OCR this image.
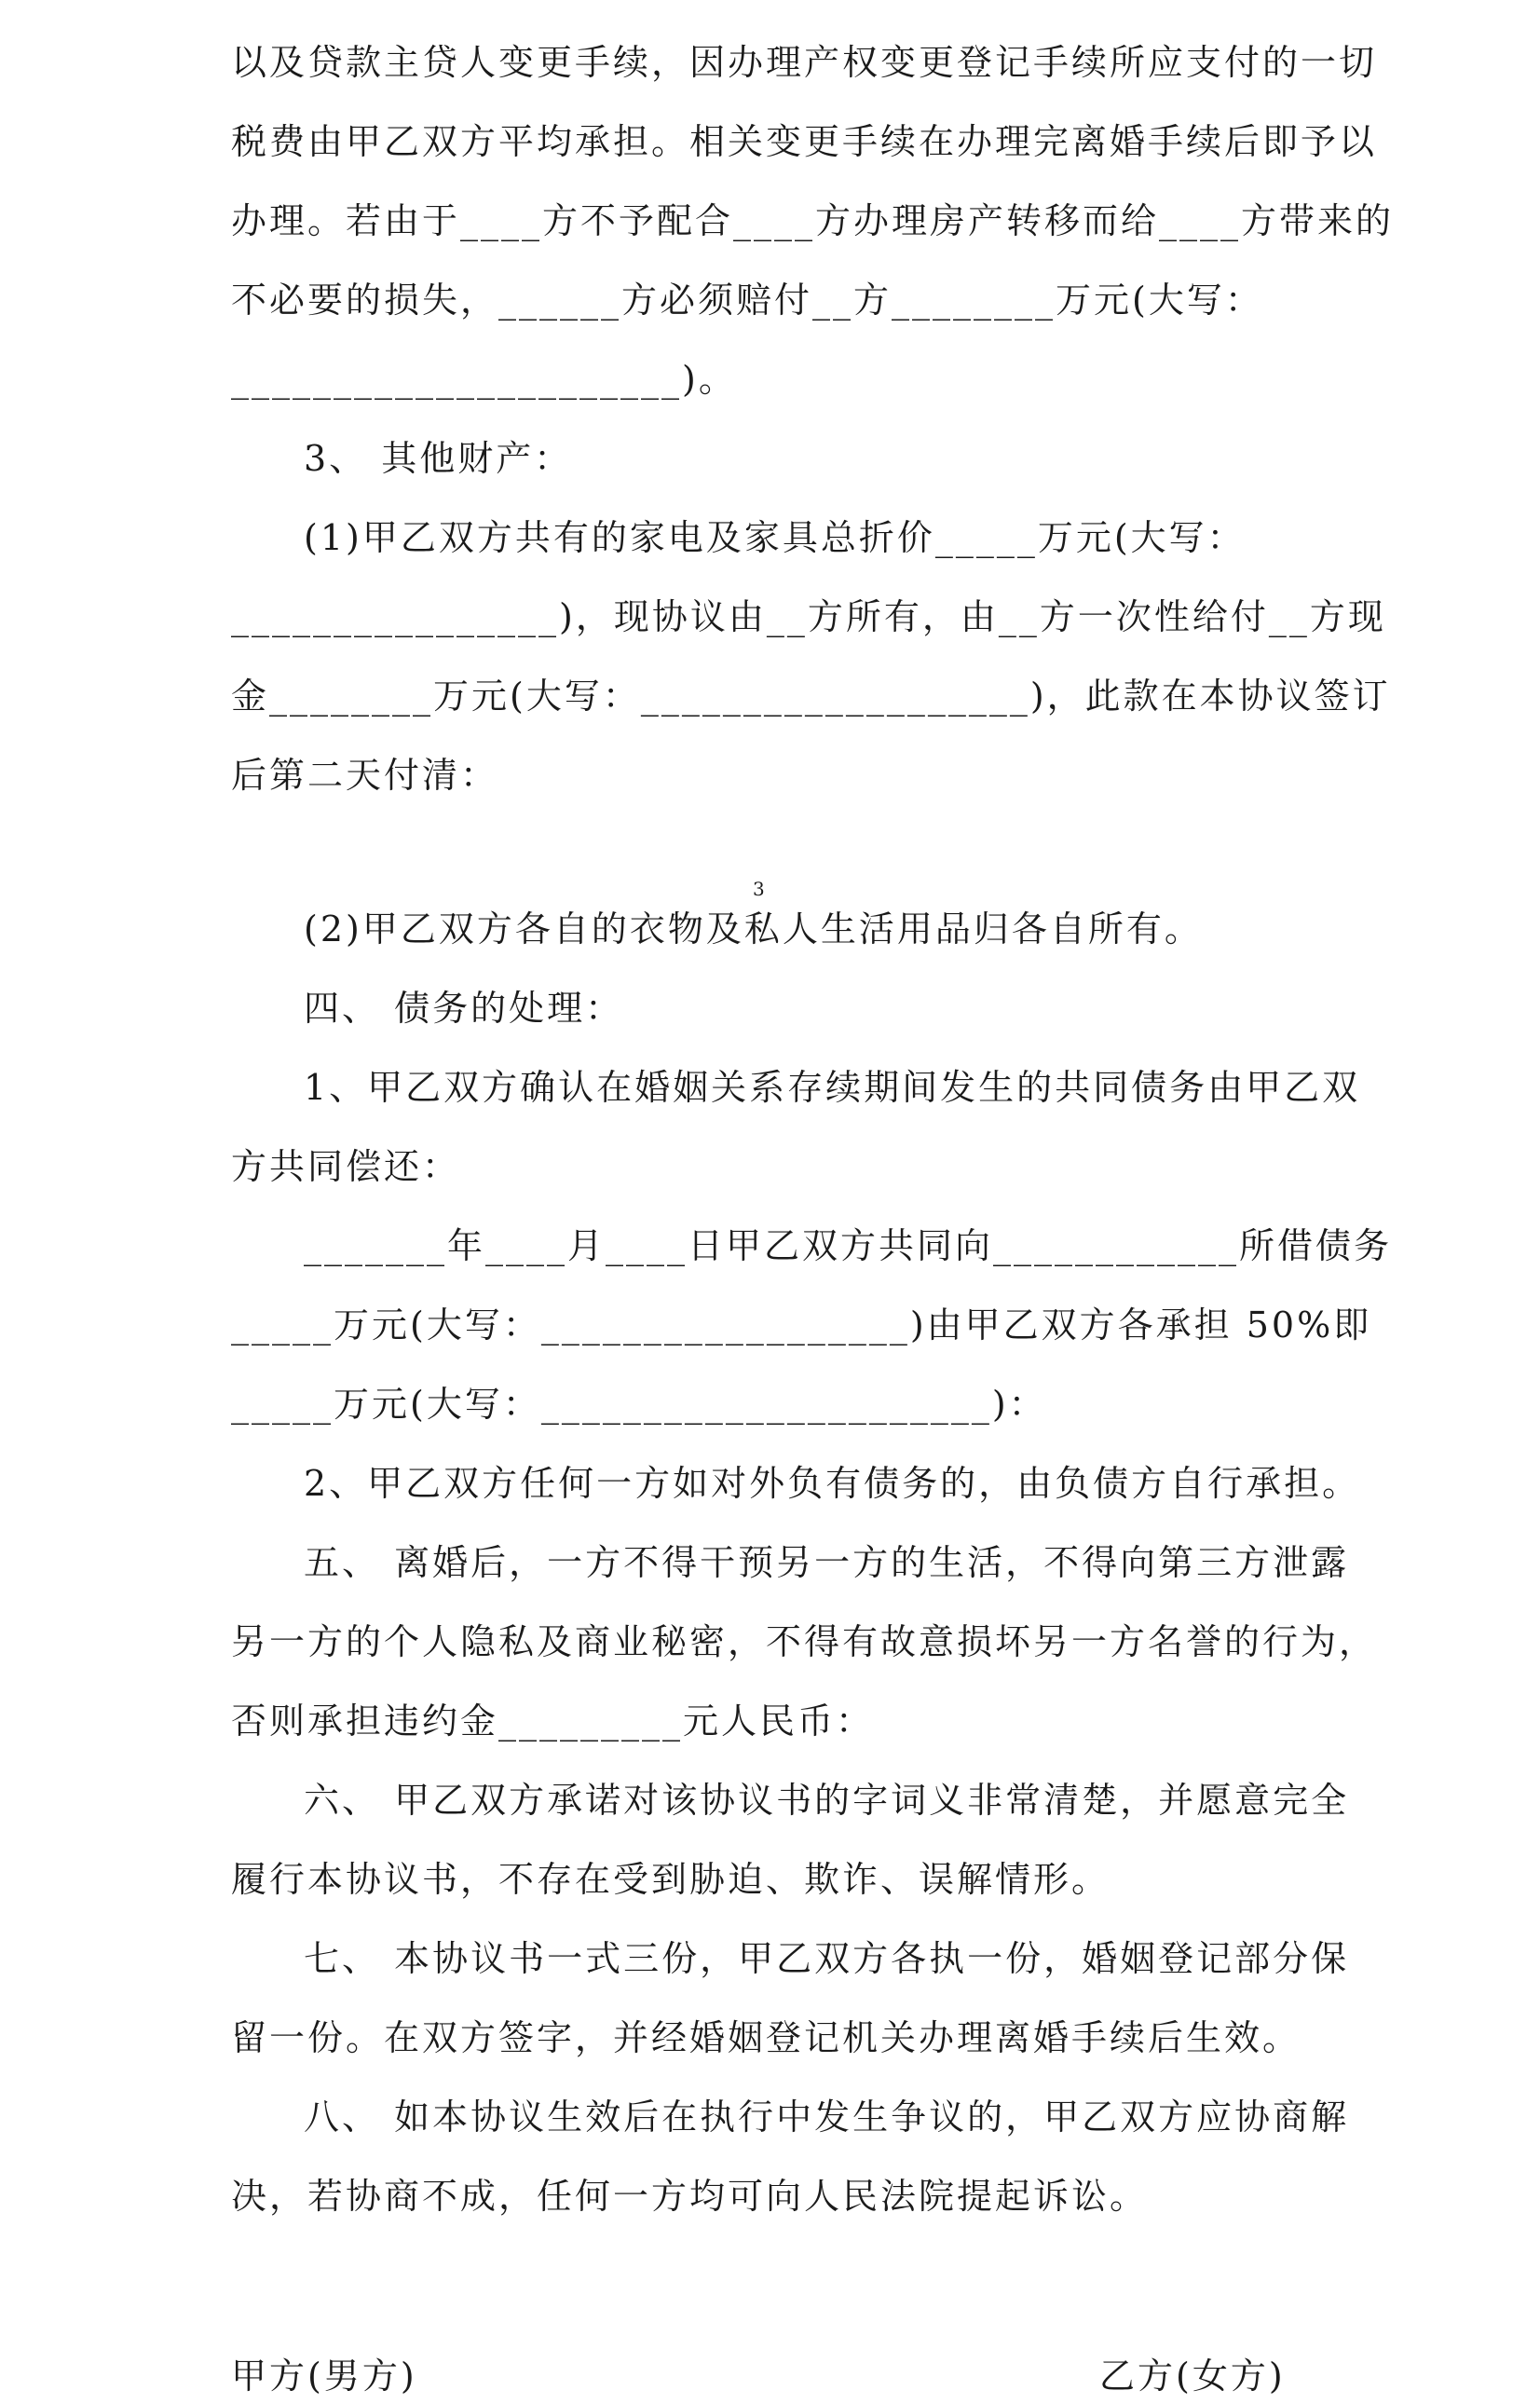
以及贷款主贷人变更手续，因办理产权变更登记手续所应支付的一切
税费由甲乙双方平均承担。相关变更手续在办理完离婚手续后即予以
办理。若由于____方不予配合____方办理房产转移而给____方带来的
不必要的损失，______方必须赔付__方________万元(大写：
______________________)。
3、 其他财产：
(1)甲乙双方共有的家电及家具总折价_____万元(大写：
________________)，现协议由__方所有，由__方一次性给付__方现
金________万元(大写：___________________)，此款在本协议签订
后第二天付清：
3
(2)甲乙双方各自的衣物及私人生活用品归各自所有。
四、 债务的处理：
1、甲乙双方确认在婚姻关系存续期间发生的共同债务由甲乙双
方共同偿还：
_______年____月____日甲乙双方共同向____________所借债务
_____万元(大写：__________________)由甲乙双方各承担 50%即
_____万元(大写：______________________)：
2、甲乙双方任何一方如对外负有债务的，由负债方自行承担。
五、 离婚后，一方不得干预另一方的生活，不得向第三方泄露
另一方的个人隐私及商业秘密，不得有故意损坏另一方名誉的行为，
否则承担违约金_________元人民币：
六、 甲乙双方承诺对该协议书的字词义非常清楚，并愿意完全
履行本协议书，不存在受到胁迫、欺诈、误解情形。
七、 本协议书一式三份，甲乙双方各执一份，婚姻登记部分保
留一份。在双方签字，并经婚姻登记机关办理离婚手续后生效。
八、 如本协议生效后在执行中发生争议的，甲乙双方应协商解
决，若协商不成，任何一方均可向人民法院提起诉讼。
甲方(男方)	乙方(女方)
